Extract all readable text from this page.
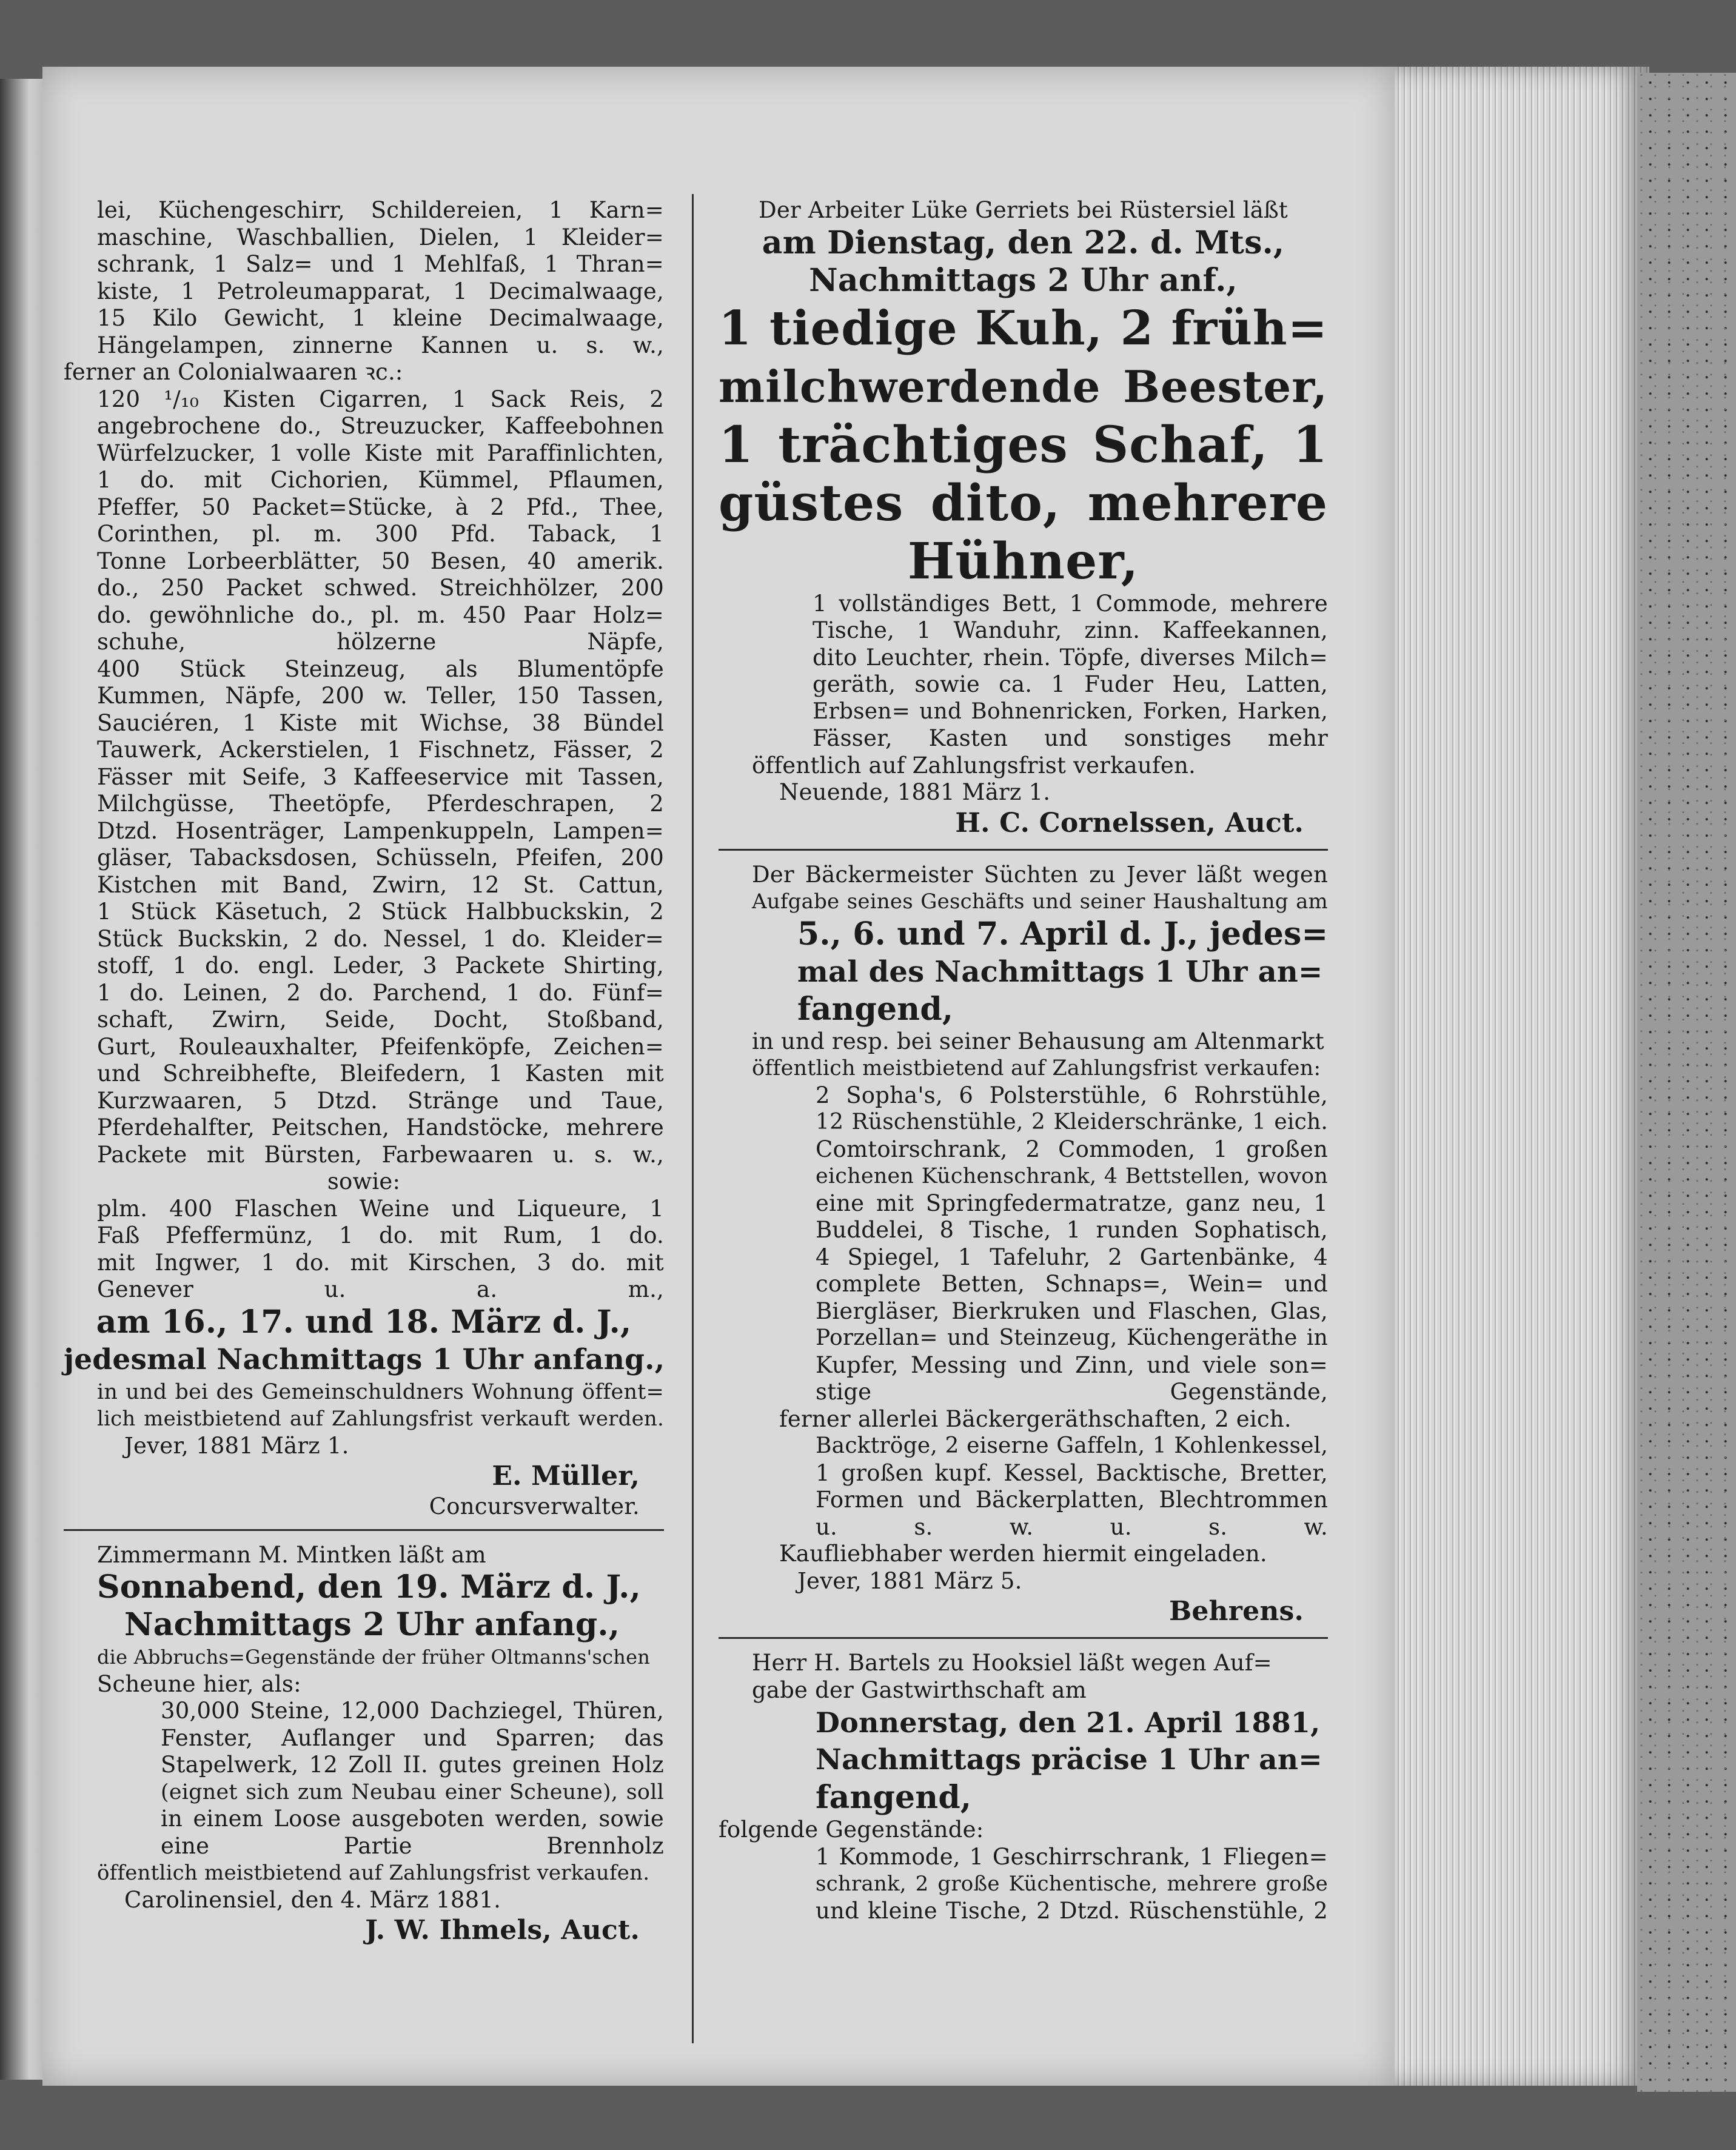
lei, Küchengeschirr, Schildereien, 1 Karn=
maschine, Waschballien, Dielen, 1 Kleider=
schrank, 1 Salz= und 1 Mehlfaß, 1 Thran=
kiste, 1 Petroleumapparat, 1 Decimalwaage,
15 Kilo Gewicht, 1 kleine Decimalwaage,
Hängelampen, zinnerne Kannen u. s. w.,
ferner an Colonialwaaren ꝛc.:
120 ¹/₁₀ Kisten Cigarren, 1 Sack Reis, 2
angebrochene do., Streuzucker, Kaffeebohnen
Würfelzucker, 1 volle Kiste mit Paraffinlichten,
1 do. mit Cichorien, Kümmel, Pflaumen,
Pfeffer, 50 Packet=Stücke, à 2 Pfd., Thee,
Corinthen, pl. m. 300 Pfd. Taback, 1
Tonne Lorbeerblätter, 50 Besen, 40 amerik.
do., 250 Packet schwed. Streichhölzer, 200
do. gewöhnliche do., pl. m. 450 Paar Holz=
schuhe, hölzerne Näpfe,
400 Stück Steinzeug, als Blumentöpfe
Kummen, Näpfe, 200 w. Teller, 150 Tassen,
Sauciéren, 1 Kiste mit Wichse, 38 Bündel
Tauwerk, Ackerstielen, 1 Fischnetz, Fässer, 2
Fässer mit Seife, 3 Kaffeeservice mit Tassen,
Milchgüsse, Theetöpfe, Pferdeschrapen, 2
Dtzd. Hosenträger, Lampenkuppeln, Lampen=
gläser, Tabacksdosen, Schüsseln, Pfeifen, 200
Kistchen mit Band, Zwirn, 12 St. Cattun,
1 Stück Käsetuch, 2 Stück Halbbuckskin, 2
Stück Buckskin, 2 do. Nessel, 1 do. Kleider=
stoff, 1 do. engl. Leder, 3 Packete Shirting,
1 do. Leinen, 2 do. Parchend, 1 do. Fünf=
schaft, Zwirn, Seide, Docht, Stoßband,
Gurt, Rouleauxhalter, Pfeifenköpfe, Zeichen=
und Schreibhefte, Bleifedern, 1 Kasten mit
Kurzwaaren, 5 Dtzd. Stränge und Taue,
Pferdehalfter, Peitschen, Handstöcke, mehrere
Packete mit Bürsten, Farbewaaren u. s. w.,
sowie:
plm. 400 Flaschen Weine und Liqueure, 1
Faß Pfeffermünz, 1 do. mit Rum, 1 do.
mit Ingwer, 1 do. mit Kirschen, 3 do. mit
Genever u. a. m.,
am 16., 17. und 18. März d. J.,
jedesmal Nachmittags 1 Uhr anfang.,
in und bei des Gemeinschuldners Wohnung öffent=
lich meistbietend auf Zahlungsfrist verkauft werden.
Jever, 1881 März 1.
E. Müller,
Concursverwalter.
Zimmermann M. Mintken läßt am
Sonnabend, den 19. März d. J.,
Nachmittags 2 Uhr anfang.,
die Abbruchs=Gegenstände der früher Oltmanns'schen
Scheune hier, als:
30,000 Steine, 12,000 Dachziegel, Thüren,
Fenster, Auflanger und Sparren; das
Stapelwerk, 12 Zoll II. gutes greinen Holz
(eignet sich zum Neubau einer Scheune), soll
in einem Loose ausgeboten werden, sowie
eine Partie Brennholz
öffentlich meistbietend auf Zahlungsfrist verkaufen.
Carolinensiel, den 4. März 1881.
J. W. Ihmels, Auct.
Der Arbeiter Lüke Gerriets bei Rüstersiel läßt
am Dienstag, den 22. d. Mts.,
Nachmittags 2 Uhr anf.,
1 tiedige Kuh, 2 früh=
milchwerdende Beester,
1 trächtiges Schaf, 1
güstes dito, mehrere
Hühner,
1 vollständiges Bett, 1 Commode, mehrere
Tische, 1 Wanduhr, zinn. Kaffeekannen,
dito Leuchter, rhein. Töpfe, diverses Milch=
geräth, sowie ca. 1 Fuder Heu, Latten,
Erbsen= und Bohnenricken, Forken, Harken,
Fässer, Kasten und sonstiges mehr
öffentlich auf Zahlungsfrist verkaufen.
Neuende, 1881 März 1.
H. C. Cornelssen, Auct.
Der Bäckermeister Süchten zu Jever läßt wegen
Aufgabe seines Geschäfts und seiner Haushaltung am
5., 6. und 7. April d. J., jedes=
mal des Nachmittags 1 Uhr an=
fangend,
in und resp. bei seiner Behausung am Altenmarkt
öffentlich meistbietend auf Zahlungsfrist verkaufen:
2 Sopha's, 6 Polsterstühle, 6 Rohrstühle,
12 Rüschenstühle, 2 Kleiderschränke, 1 eich.
Comtoirschrank, 2 Commoden, 1 großen
eichenen Küchenschrank, 4 Bettstellen, wovon
eine mit Springfedermatratze, ganz neu, 1
Buddelei, 8 Tische, 1 runden Sophatisch,
4 Spiegel, 1 Tafeluhr, 2 Gartenbänke, 4
complete Betten, Schnaps=, Wein= und
Biergläser, Bierkruken und Flaschen, Glas,
Porzellan= und Steinzeug, Küchengeräthe in
Kupfer, Messing und Zinn, und viele son=
stige Gegenstände,
ferner allerlei Bäckergeräthschaften, 2 eich.
Backtröge, 2 eiserne Gaffeln, 1 Kohlenkessel,
1 großen kupf. Kessel, Backtische, Bretter,
Formen und Bäckerplatten, Blechtrommen
u. s. w. u. s. w.
Kaufliebhaber werden hiermit eingeladen.
Jever, 1881 März 5.
Behrens.
Herr H. Bartels zu Hooksiel läßt wegen Auf=
gabe der Gastwirthschaft am
Donnerstag, den 21. April 1881,
Nachmittags präcise 1 Uhr an=
fangend,
folgende Gegenstände:
1 Kommode, 1 Geschirrschrank, 1 Fliegen=
schrank, 2 große Küchentische, mehrere große
und kleine Tische, 2 Dtzd. Rüschenstühle, 2
